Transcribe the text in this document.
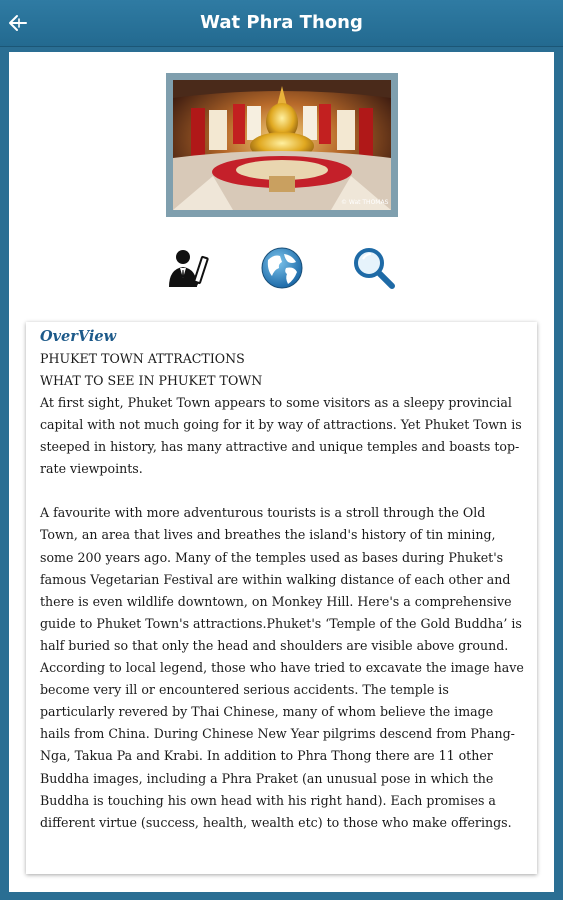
Wat Phra Thong
© Wat THOMAS
OverView
PHUKET TOWN ATTRACTIONS
WHAT TO SEE IN PHUKET TOWN

At first sight, Phuket Town appears to some visitors as a sleepy provincial capital with not much going for it by way of attractions. Yet Phuket Town is steeped in history, has many attractive and unique temples and boasts top-rate viewpoints.

A favourite with more adventurous tourists is a stroll through the Old Town, an area that lives and breathes the island's history of tin mining, some 200 years ago. Many of the temples used as bases during Phuket's famous Vegetarian Festival are within walking distance of each other and there is even wildlife downtown, on Monkey Hill. Here's a comprehensive guide to Phuket Town's attractions.Phuket's ‘Temple of the Gold Buddha’ is half buried so that only the head and shoulders are visible above ground. According to local legend, those who have tried to excavate the image have become very ill or encountered serious accidents. The temple is particularly revered by Thai Chinese, many of whom believe the image hails from China. During Chinese New Year pilgrims descend from Phang-Nga, Takua Pa and Krabi. In addition to Phra Thong there are 11 other Buddha images, including a Phra Praket (an unusual pose in which the Buddha is touching his own head with his right hand). Each promises a different virtue (success, health, wealth etc) to those who make offerings.
